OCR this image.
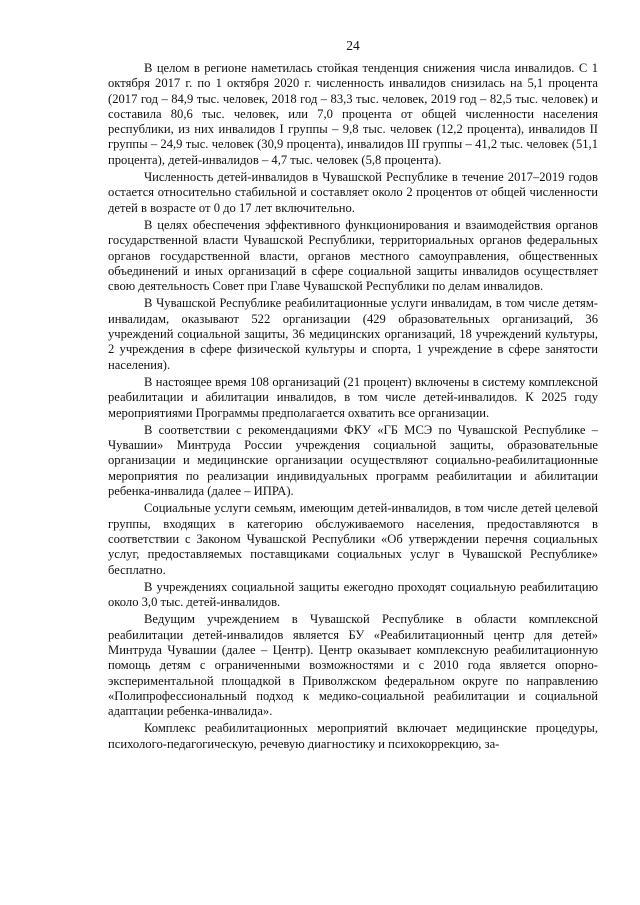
24

В целом в регионе наметилась стойкая тенденция снижения числа инвалидов. С 1 октября 2017 г. по 1 октября 2020 г. численность инвалидов снизилась на 5,1 процента (2017 год – 84,9 тыс. человек, 2018 год – 83,3 тыс. человек, 2019 год – 82,5 тыс. человек) и составила 80,6 тыс. человек, или 7,0 процента от общей численности населения республики, из них инвалидов I группы – 9,8 тыс. человек (12,2 процента), инвалидов II группы – 24,9 тыс. человек (30,9 процента), инвалидов III группы – 41,2 тыс. человек (51,1 процента), детей-инвалидов – 4,7 тыс. человек (5,8 процента).

Численность детей-инвалидов в Чувашской Республике в течение 2017–2019 годов остается относительно стабильной и составляет около 2 процентов от общей численности детей в возрасте от 0 до 17 лет включительно.

В целях обеспечения эффективного функционирования и взаимодействия органов государственной власти Чувашской Республики, территориальных органов федеральных органов государственной власти, органов местного самоуправления, общественных объединений и иных организаций в сфере социальной защиты инвалидов осуществляет свою деятельность Совет при Главе Чувашской Республики по делам инвалидов.

В Чувашской Республике реабилитационные услуги инвалидам, в том числе детям-инвалидам, оказывают 522 организации (429 образовательных организаций, 36 учреждений социальной защиты, 36 медицинских организаций, 18 учреждений культуры, 2 учреждения в сфере физической культуры и спорта, 1 учреждение в сфере занятости населения).

В настоящее время 108 организаций (21 процент) включены в систему комплексной реабилитации и абилитации инвалидов, в том числе детей-инвалидов. К 2025 году мероприятиями Программы предполагается охватить все организации.

В соответствии с рекомендациями ФКУ «ГБ МСЭ по Чувашской Республике – Чувашии» Минтруда России учреждения социальной защиты, образовательные организации и медицинские организации осуществляют социально-реабилитационные мероприятия по реализации индивидуальных программ реабилитации и абилитации ребенка-инвалида (далее – ИПРА).

Социальные услуги семьям, имеющим детей-инвалидов, в том числе детей целевой группы, входящих в категорию обслуживаемого населения, предоставляются в соответствии с Законом Чувашской Республики «Об утверждении перечня социальных услуг, предоставляемых поставщиками социальных услуг в Чувашской Республике» бесплатно.

В учреждениях социальной защиты ежегодно проходят социальную реабилитацию около 3,0 тыс. детей-инвалидов.

Ведущим учреждением в Чувашской Республике в области комплексной реабилитации детей-инвалидов является БУ «Реабилитационный центр для детей» Минтруда Чувашии (далее – Центр). Центр оказывает комплексную реабилитационную помощь детям с ограниченными возможностями и с 2010 года является опорно-экспериментальной площадкой в Приволжском федеральном округе по направлению «Полипрофессиональный подход к медико-социальной реабилитации и социальной адаптации ребенка-инвалида».

Комплекс реабилитационных мероприятий включает медицинские процедуры, психолого-педагогическую, речевую диагностику и психокоррекцию, за-
